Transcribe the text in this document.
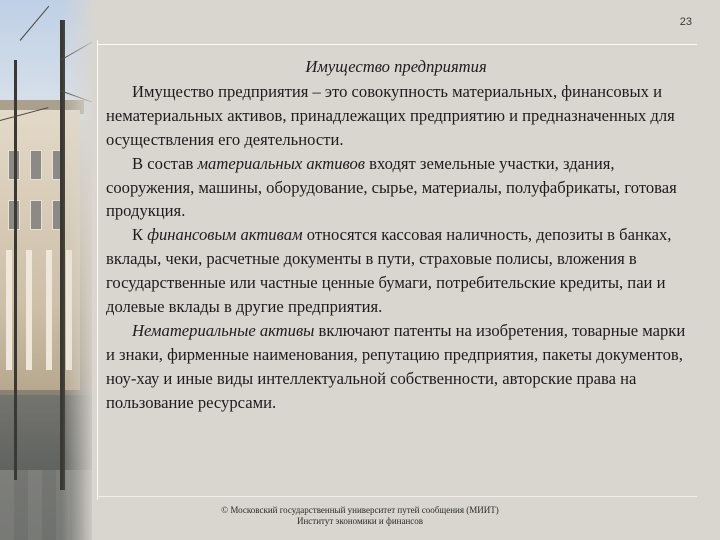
23

Имущество предприятия

Имущество предприятия – это совокупность материальных, финансовых и нематериальных активов, принадлежащих предприятию и предназначенных для осуществления его деятельности.

В состав материальных активов входят земельные участки, здания, сооружения, машины, оборудование, сырье, материалы, полуфабрикаты, готовая продукция.

К финансовым активам относятся кассовая наличность, депозиты в банках, вклады, чеки, расчетные документы в пути, страховые полисы, вложения в государственные или частные ценные бумаги, потребительские кредиты, паи и долевые вклады в другие предприятия.

Нематериальные активы включают патенты на изобретения, товарные марки и знаки, фирменные наименования, репутацию предприятия, пакеты документов, ноу-хау и иные виды интеллектуальной собственности, авторские права на пользование ресурсами.

© Московский государственный университет путей сообщения (МИИТ)
Институт экономики и финансов
